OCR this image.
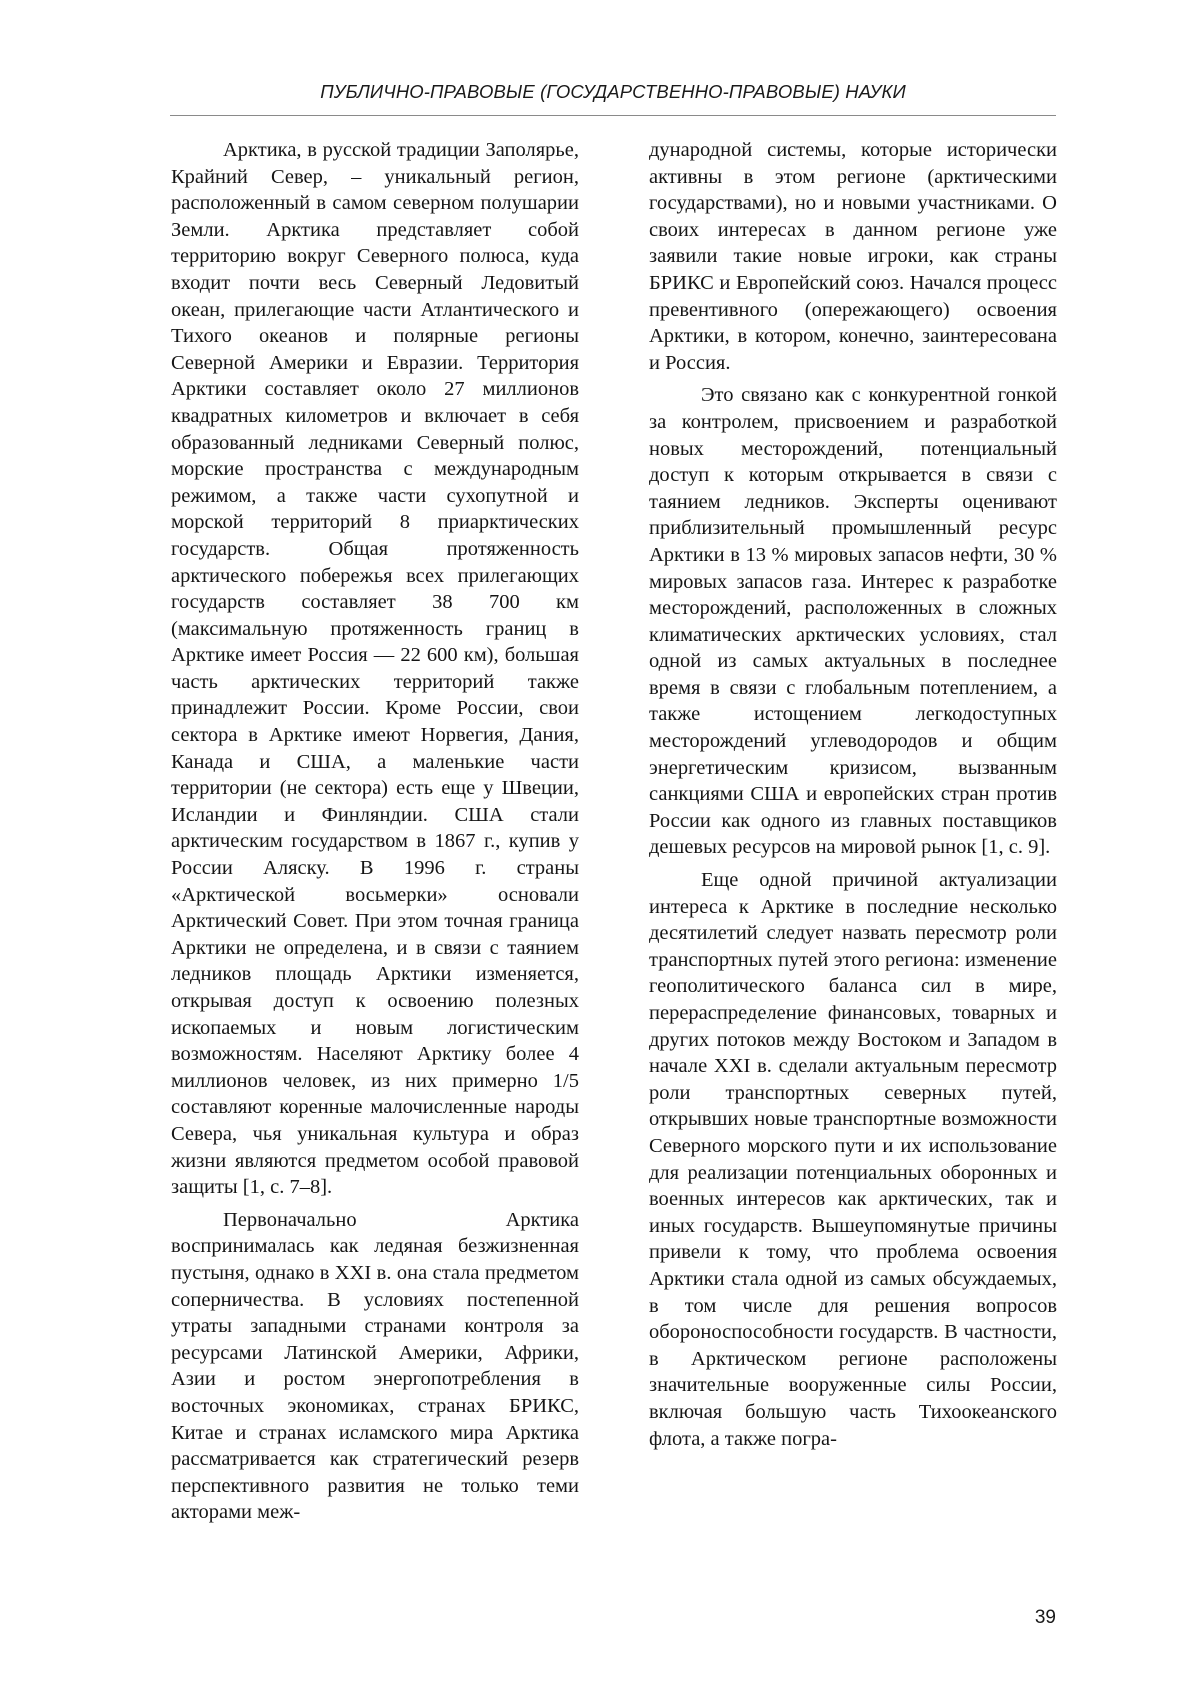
ПУБЛИЧНО-ПРАВОВЫЕ (ГОСУДАРСТВЕННО-ПРАВОВЫЕ) НАУКИ

Арктика, в русской традиции Заполярье, Крайний Север, – уникальный регион, расположенный в самом северном полушарии Земли. Арктика представляет собой территорию вокруг Северного полюса, куда входит почти весь Северный Ледовитый океан, прилегающие части Атлантического и Тихого океанов и полярные регионы Северной Америки и Евразии. Территория Арктики составляет около 27 миллионов квадратных километров и включает в себя образованный ледниками Северный полюс, морские пространства с международным режимом, а также части сухопутной и морской территорий 8 приарктических государств. Общая протяженность арктического побережья всех прилегающих государств составляет 38 700 км (максимальную протяженность границ в Арктике имеет Россия — 22 600 км), большая часть арктических территорий также принадлежит России. Кроме России, свои сектора в Арктике имеют Норвегия, Дания, Канада и США, а маленькие части территории (не сектора) есть еще у Швеции, Исландии и Финляндии. США стали арктическим государством в 1867 г., купив у России Аляску. В 1996 г. страны «Арктической восьмерки» основали Арктический Совет. При этом точная граница Арктики не определена, и в связи с таянием ледников площадь Арктики изменяется, открывая доступ к освоению полезных ископаемых и новым логистическим возможностям. Населяют Арктику более 4 миллионов человек, из них примерно 1/5 составляют коренные малочисленные народы Севера, чья уникальная культура и образ жизни являются предметом особой правовой защиты [1, с. 7–8].

Первоначально Арктика воспринималась как ледяная безжизненная пустыня, однако в XXI в. она стала предметом соперничества. В условиях постепенной утраты западными странами контроля за ресурсами Латинской Америки, Африки, Азии и ростом энергопотребления в восточных экономиках, странах БРИКС, Китае и странах исламского мира Арктика рассматривается как стратегический резерв перспективного развития не только теми акторами меж-

дународной системы, которые исторически активны в этом регионе (арктическими государствами), но и новыми участниками. О своих интересах в данном регионе уже заявили такие новые игроки, как страны БРИКС и Европейский союз. Начался процесс превентивного (опережающего) освоения Арктики, в котором, конечно, заинтересована и Россия.

Это связано как с конкурентной гонкой за контролем, присвоением и разработкой новых месторождений, потенциальный доступ к которым открывается в связи с таянием ледников. Эксперты оценивают приблизительный промышленный ресурс Арктики в 13 % мировых запасов нефти, 30 % мировых запасов газа. Интерес к разработке месторождений, расположенных в сложных климатических арктических условиях, стал одной из самых актуальных в последнее время в связи с глобальным потеплением, а также истощением легкодоступных месторождений углеводородов и общим энергетическим кризисом, вызванным санкциями США и европейских стран против России как одного из главных поставщиков дешевых ресурсов на мировой рынок [1, с. 9].

Еще одной причиной актуализации интереса к Арктике в последние несколько десятилетий следует назвать пересмотр роли транспортных путей этого региона: изменение геополитического баланса сил в мире, перераспределение финансовых, товарных и других потоков между Востоком и Западом в начале XXI в. сделали актуальным пересмотр роли транспортных северных путей, открывших новые транспортные возможности Северного морского пути и их использование для реализации потенциальных оборонных и военных интересов как арктических, так и иных государств. Вышеупомянутые причины привели к тому, что проблема освоения Арктики стала одной из самых обсуждаемых, в том числе для решения вопросов обороноспособности государств. В частности, в Арктическом регионе расположены значительные вооруженные силы России, включая большую часть Тихоокеанского флота, а также погра-

39
